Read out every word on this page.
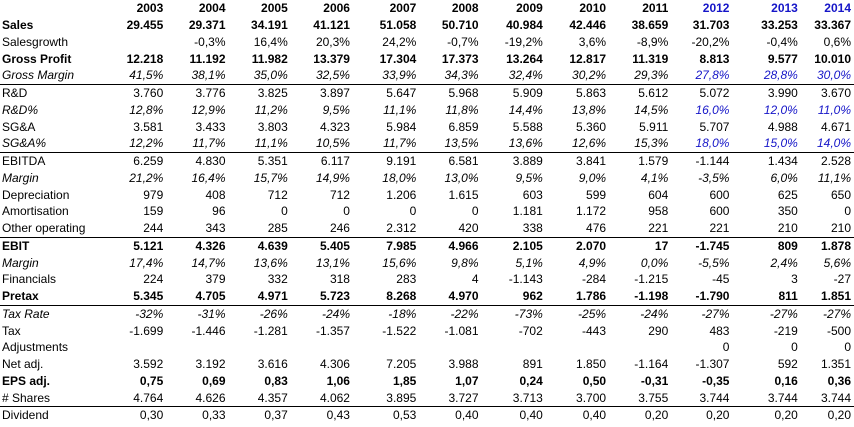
	2003	2004	2005	2006	2007	2008	2009	2010	2011	2012	2013	2014
Sales	29.455	29.371	34.191	41.121	51.058	50.710	40.984	42.446	38.659	31.703	33.253	33.367
Salesgrowth		-0,3%	16,4%	20,3%	24,2%	-0,7%	-19,2%	3,6%	-8,9%	-20,2%	-0,4%	0,6%
Gross Profit	12.218	11.192	11.982	13.379	17.304	17.373	13.264	12.817	11.319	8.813	9.577	10.010
Gross Margin	41,5%	38,1%	35,0%	32,5%	33,9%	34,3%	32,4%	30,2%	29,3%	27,8%	28,8%	30,0%
R&D	3.760	3.776	3.825	3.897	5.647	5.968	5.909	5.863	5.612	5.072	3.990	3.670
R&D%	12,8%	12,9%	11,2%	9,5%	11,1%	11,8%	14,4%	13,8%	14,5%	16,0%	12,0%	11,0%
SG&A	3.581	3.433	3.803	4.323	5.984	6.859	5.588	5.360	5.911	5.707	4.988	4.671
SG&A%	12,2%	11,7%	11,1%	10,5%	11,7%	13,5%	13,6%	12,6%	15,3%	18,0%	15,0%	14,0%
EBITDA	6.259	4.830	5.351	6.117	9.191	6.581	3.889	3.841	1.579	-1.144	1.434	2.528
Margin	21,2%	16,4%	15,7%	14,9%	18,0%	13,0%	9,5%	9,0%	4,1%	-3,5%	6,0%	11,1%
Depreciation	979	408	712	712	1.206	1.615	603	599	604	600	625	650
Amortisation	159	96	0	0	0	0	1.181	1.172	958	600	350	0
Other operating	244	343	285	246	2.312	420	338	476	221	221	210	210
EBIT	5.121	4.326	4.639	5.405	7.985	4.966	2.105	2.070	17	-1.745	809	1.878
Margin	17,4%	14,7%	13,6%	13,1%	15,6%	9,8%	5,1%	4,9%	0,0%	-5,5%	2,4%	5,6%
Financials	224	379	332	318	283	4	-1.143	-284	-1.215	-45	3	-27
Pretax	5.345	4.705	4.971	5.723	8.268	4.970	962	1.786	-1.198	-1.790	811	1.851
Tax Rate	-32%	-31%	-26%	-24%	-18%	-22%	-73%	-25%	-24%	-27%	-27%	-27%
Tax	-1.699	-1.446	-1.281	-1.357	-1.522	-1.081	-702	-443	290	483	-219	-500
Adjustments										0	0	0
Net adj.	3.592	3.192	3.616	4.306	7.205	3.988	891	1.850	-1.164	-1.307	592	1.351
EPS adj.	0,75	0,69	0,83	1,06	1,85	1,07	0,24	0,50	-0,31	-0,35	0,16	0,36
# Shares	4.764	4.626	4.357	4.062	3.895	3.727	3.713	3.700	3.755	3.744	3.744	3.744
Dividend	0,30	0,33	0,37	0,43	0,53	0,40	0,40	0,40	0,20	0,20	0,20	0,20
